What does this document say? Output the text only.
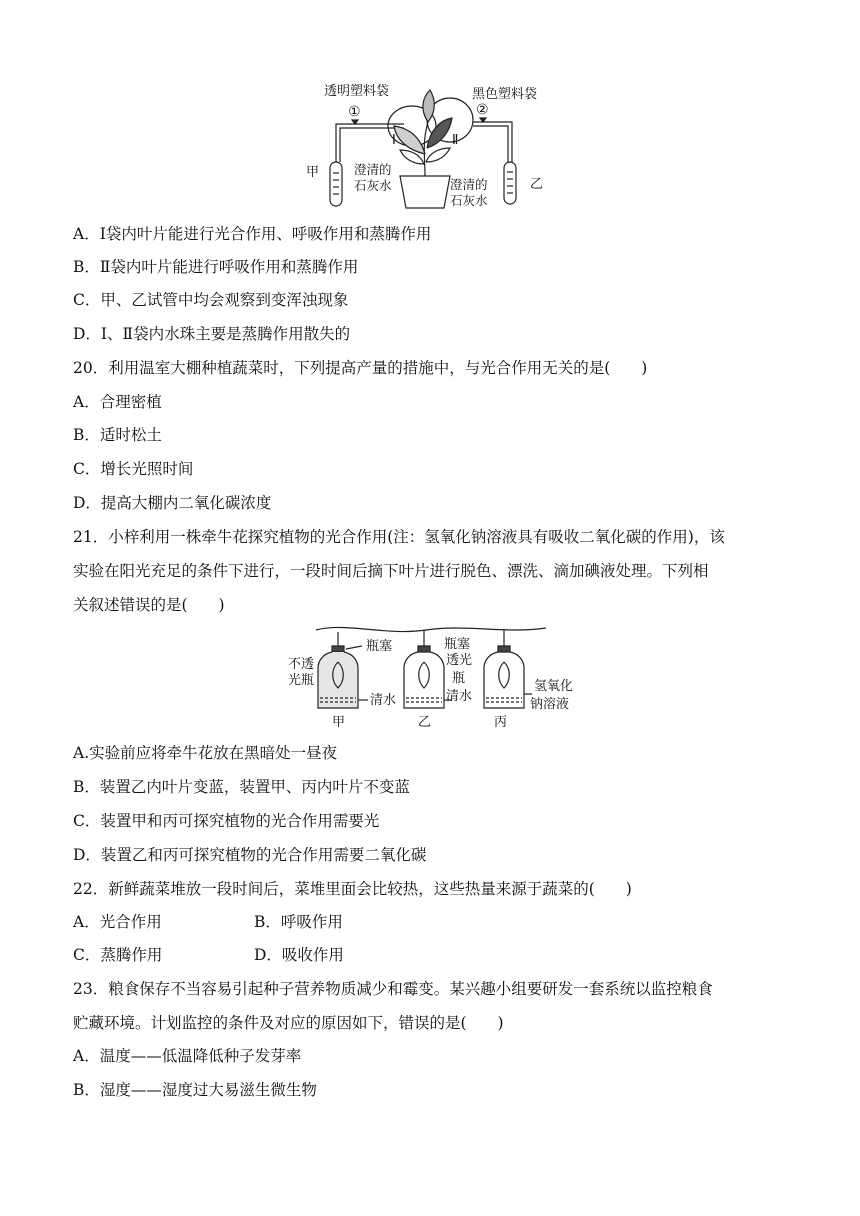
透明塑料袋	黑色塑料袋
①	②
Ⅰ	Ⅱ
甲
乙
澄清的
石灰水	澄清的
石灰水
A．Ⅰ袋内叶片能进行光合作用、呼吸作用和蒸腾作用
B．Ⅱ袋内叶片能进行呼吸作用和蒸腾作用
C．甲、乙试管中均会观察到变浑浊现象
D．Ⅰ、Ⅱ袋内水珠主要是蒸腾作用散失的
20．利用温室大棚种植蔬菜时，下列提高产量的措施中，与光合作用无关的是(　　)
A．合理密植
B．适时松土
C．增长光照时间
D．提高大棚内二氧化碳浓度
21．小梓利用一株牵牛花探究植物的光合作用(注：氢氧化钠溶液具有吸收二氧化碳的作用)，该
实验在阳光充足的条件下进行，一段时间后摘下叶片进行脱色、漂洗、滴加碘液处理。下列相
关叙述错误的是(　　)
不透
光瓶
瓶塞	瓶塞
清水
透光
瓶
清水
氢氧化
钠溶液
甲	乙	丙
A.实验前应将牵牛花放在黑暗处一昼夜
B．装置乙内叶片变蓝，装置甲、丙内叶片不变蓝
C．装置甲和丙可探究植物的光合作用需要光
D．装置乙和丙可探究植物的光合作用需要二氧化碳
22．新鲜蔬菜堆放一段时间后，菜堆里面会比较热，这些热量来源于蔬菜的(　　)
A．光合作用	B．呼吸作用
C．蒸腾作用	D．吸收作用
23．粮食保存不当容易引起种子营养物质减少和霉变。某兴趣小组要研发一套系统以监控粮食
贮藏环境。计划监控的条件及对应的原因如下，错误的是(　　)
A．温度——低温降低种子发芽率
B．湿度——湿度过大易滋生微生物
